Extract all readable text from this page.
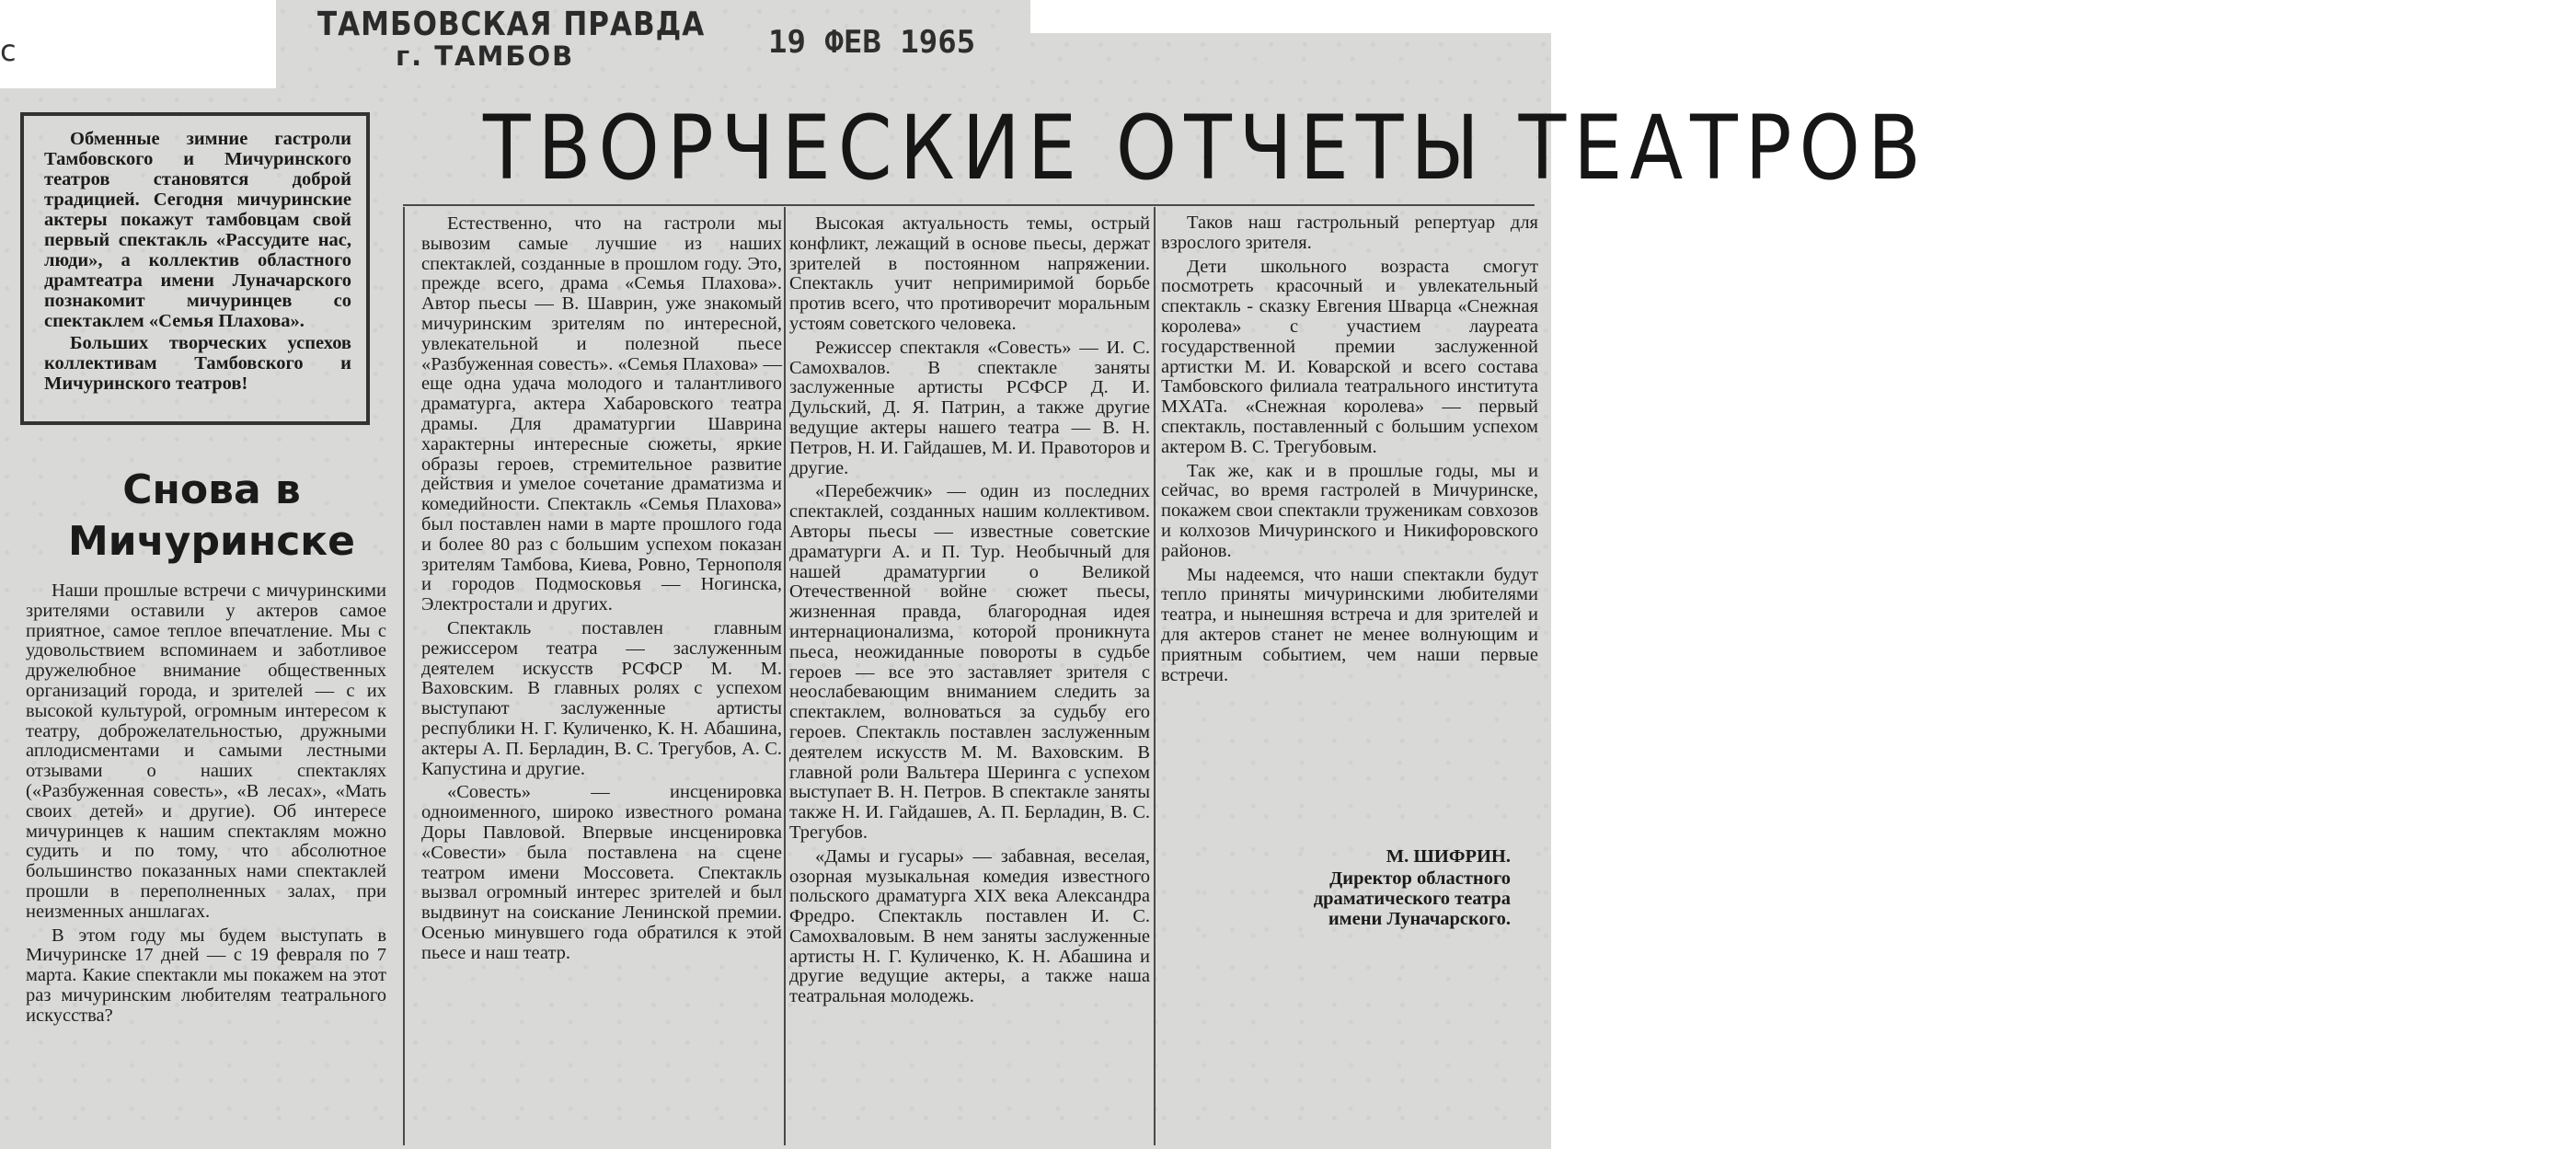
с
ТАМБОВСКАЯ ПРАВДА
г. ТАМБОВ	19 ФЕВ 1965
ТВОРЧЕСКИЕ ОТЧЕТЫ ТЕАТРОВ

Обменные зимние гастроли Тамбовского и Мичуринского театров становятся доброй традицией. Сегодня мичуринские актеры покажут тамбовцам свой первый спектакль «Рассудите нас, люди», а коллектив областного драмтеатра имени Луначарского познакомит мичуринцев со спектаклем «Семья Плахова».

Больших творческих успехов коллективам Тамбовского и Мичуринского театров!

Снова в Мичуринске

Наши прошлые встречи с мичуринскими зрителями оставили у актеров самое приятное, самое теплое впечатление. Мы с удовольствием вспоминаем и заботливое дружелюбное внимание общественных организаций города, и зрителей — с их высокой культурой, огромным интересом к театру, доброжелательностью, дружными аплодисментами и самыми лестными отзывами о наших спектаклях («Разбуженная совесть», «В лесах», «Мать своих детей» и другие). Об интересе мичуринцев к нашим спектаклям можно судить и по тому, что абсолютное большинство показанных нами спектаклей прошли в переполненных залах, при неизменных аншлагах.

В этом году мы будем выступать в Мичуринске 17 дней — с 19 февраля по 7 марта. Какие спектакли мы покажем на этот раз мичуринским любителям театрального искусства?

Естественно, что на гастроли мы вывозим самые лучшие из наших спектаклей, созданные в прошлом году. Это, прежде всего, драма «Семья Плахова». Автор пьесы — В. Шаврин, уже знакомый мичуринским зрителям по интересной, увлекательной и полезной пьесе «Разбуженная совесть». «Семья Плахова» — еще одна удача молодого и талантливого драматурга, актера Хабаровского театра драмы. Для драматургии Шаврина характерны интересные сюжеты, яркие образы героев, стремительное развитие действия и умелое сочетание драматизма и комедийности. Спектакль «Семья Плахова» был поставлен нами в марте прошлого года и более 80 раз с большим успехом показан зрителям Тамбова, Киева, Ровно, Тернополя и городов Подмосковья — Ногинска, Электростали и других.

Спектакль поставлен главным режиссером театра — заслуженным деятелем искусств РСФСР М. М. Ваховским. В главных ролях с успехом выступают заслуженные артисты республики Н. Г. Куличенко, К. Н. Абашина, актеры А. П. Берладин, В. С. Трегубов, А. С. Капустина и другие.

«Совесть» — инсценировка одноименного, широко известного романа Доры Павловой. Впервые инсценировка «Совести» была поставлена на сцене театром имени Моссовета. Спектакль вызвал огромный интерес зрителей и был выдвинут на соискание Ленинской премии. Осенью минувшего года обратился к этой пьесе и наш театр.

Высокая актуальность темы, острый конфликт, лежащий в основе пьесы, держат зрителей в постоянном напряжении. Спектакль учит непримиримой борьбе против всего, что противоречит моральным устоям советского человека.

Режиссер спектакля «Совесть» — И. С. Самохвалов. В спектакле заняты заслуженные артисты РСФСР Д. И. Дульский, Д. Я. Патрин, а также другие ведущие актеры нашего театра — В. Н. Петров, Н. И. Гайдашев, М. И. Правоторов и другие.

«Перебежчик» — один из последних спектаклей, созданных нашим коллективом. Авторы пьесы — известные советские драматурги А. и П. Тур. Необычный для нашей драматургии о Великой Отечественной войне сюжет пьесы, жизненная правда, благородная идея интернационализма, которой проникнута пьеса, неожиданные повороты в судьбе героев — все это заставляет зрителя с неослабевающим вниманием следить за спектаклем, волноваться за судьбу его героев. Спектакль поставлен заслуженным деятелем искусств М. М. Ваховским. В главной роли Вальтера Шеринга с успехом выступает В. Н. Петров. В спектакле заняты также Н. И. Гайдашев, А. П. Берладин, В. С. Трегубов.

«Дамы и гусары» — забавная, веселая, озорная музыкальная комедия известного польского драматурга XIX века Александра Фредро. Спектакль поставлен И. С. Самохваловым. В нем заняты заслуженные артисты Н. Г. Куличенко, К. Н. Абашина и другие ведущие актеры, а также наша театральная молодежь.

Таков наш гастрольный репертуар для взрослого зрителя.

Дети школьного возраста смогут посмотреть красочный и увлекательный спектакль - сказку Евгения Шварца «Снежная королева» с участием лауреата государственной премии заслуженной артистки М. И. Коварской и всего состава Тамбовского филиала театрального института МХАТа. «Снежная королева» — первый спектакль, поставленный с большим успехом актером В. С. Трегубовым.

Так же, как и в прошлые годы, мы и сейчас, во время гастролей в Мичуринске, покажем свои спектакли труженикам совхозов и колхозов Мичуринского и Никифоровского районов.

Мы надеемся, что наши спектакли будут тепло приняты мичуринскими любителями театра, и нынешняя встреча и для зрителей и для актеров станет не менее волнующим и приятным событием, чем наши первые встречи.

М. ШИФРИН.
Директор областного
драматического театра
имени Луначарского.
